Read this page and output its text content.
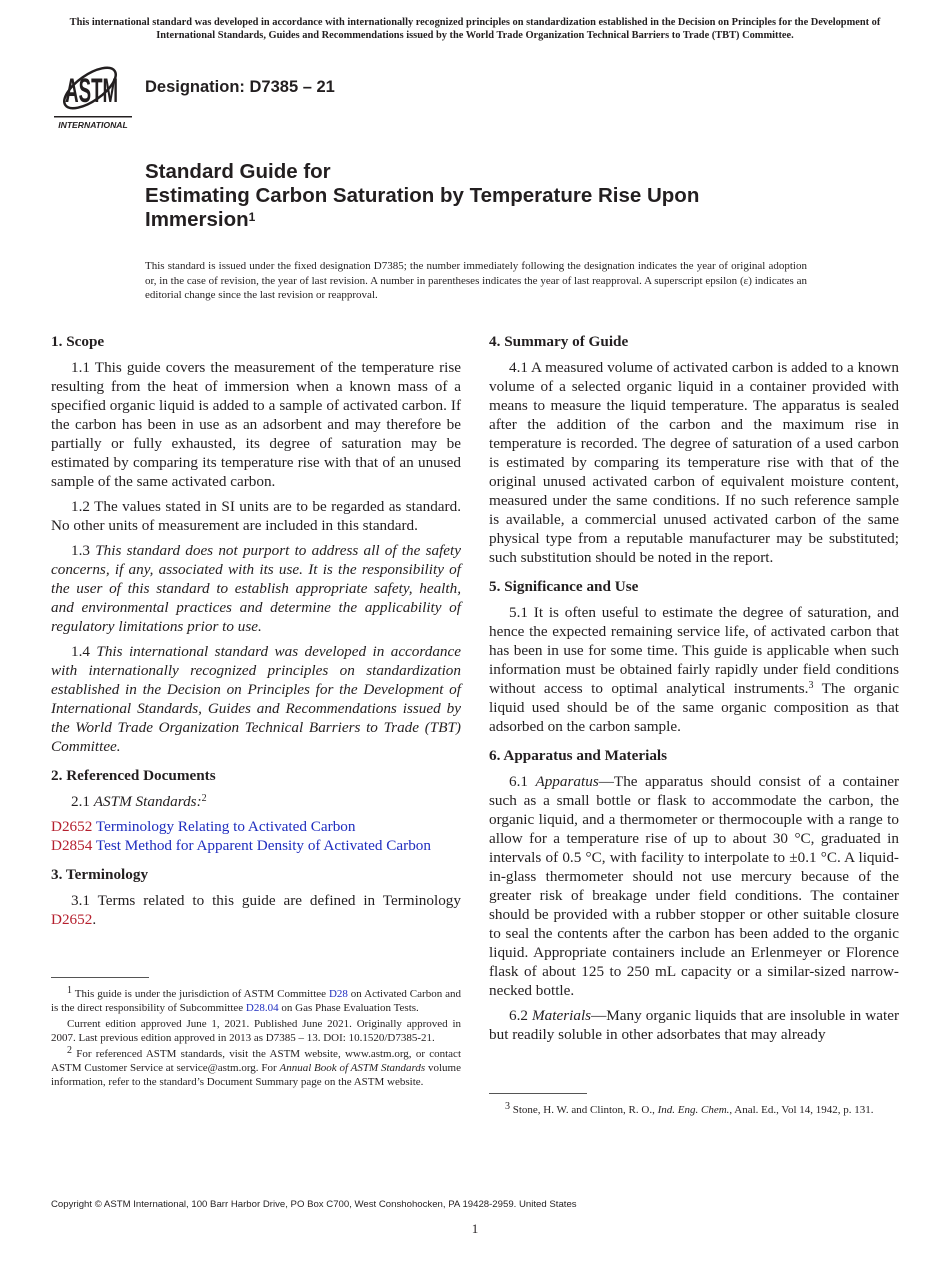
This international standard was developed in accordance with internationally recognized principles on standardization established in the Decision on Principles for the Development of International Standards, Guides and Recommendations issued by the World Trade Organization Technical Barriers to Trade (TBT) Committee.
ASTM
INTERNATIONAL
Designation: D7385 – 21
Standard Guide for
Estimating Carbon Saturation by Temperature Rise Upon Immersion$^1$
This standard is issued under the fixed designation D7385; the number immediately following the designation indicates the year of original adoption or, in the case of revision, the year of last revision. A number in parentheses indicates the year of last reapproval. A superscript epsilon (ε) indicates an editorial change since the last revision or reapproval.
1. Scope

1.1 This guide covers the measurement of the temperature rise resulting from the heat of immersion when a known mass of a specified organic liquid is added to a sample of activated carbon. If the carbon has been in use as an adsorbent and may therefore be partially or fully exhausted, its degree of saturation may be estimated by comparing its temperature rise with that of an unused sample of the same activated carbon.

1.2 The values stated in SI units are to be regarded as standard. No other units of measurement are included in this standard.

1.3 This standard does not purport to address all of the safety concerns, if any, associated with its use. It is the responsibility of the user of this standard to establish appropriate safety, health, and environmental practices and determine the applicability of regulatory limitations prior to use.

1.4 This international standard was developed in accordance with internationally recognized principles on standardization established in the Decision on Principles for the Development of International Standards, Guides and Recommendations issued by the World Trade Organization Technical Barriers to Trade (TBT) Committee.

2. Referenced Documents

2.1 ASTM Standards:$^2$

D2652 Terminology Relating to Activated Carbon

D2854 Test Method for Apparent Density of Activated Carbon

3. Terminology

3.1 Terms related to this guide are defined in Terminology D2652.

4. Summary of Guide

4.1 A measured volume of activated carbon is added to a known volume of a selected organic liquid in a container provided with means to measure the liquid temperature. The apparatus is sealed after the addition of the carbon and the maximum rise in temperature is recorded. The degree of saturation of a used carbon is estimated by comparing its temperature rise with that of the original unused activated carbon of equivalent moisture content, measured under the same conditions. If no such reference sample is available, a commercial unused activated carbon of the same physical type from a reputable manufacturer may be substituted; such substitution should be noted in the report.

5. Significance and Use

5.1 It is often useful to estimate the degree of saturation, and hence the expected remaining service life, of activated carbon that has been in use for some time. This guide is applicable when such information must be obtained fairly rapidly under field conditions without access to optimal analytical instruments.$^3$ The organic liquid used should be of the same organic composition as that adsorbed on the carbon sample.

6. Apparatus and Materials

6.1 Apparatus—The apparatus should consist of a container such as a small bottle or flask to accommodate the carbon, the organic liquid, and a thermometer or thermocouple with a range to allow for a temperature rise of up to about 30 °C, graduated in intervals of 0.5 °C, with facility to interpolate to ±0.1 °C. A liquid-in-glass thermometer should not use mercury because of the greater risk of breakage under field conditions. The container should be provided with a rubber stopper or other suitable closure to seal the contents after the carbon has been added to the organic liquid. Appropriate containers include an Erlenmeyer or Florence flask of about 125 to 250 mL capacity or a similar-sized narrow-necked bottle.

6.2 Materials—Many organic liquids that are insoluble in water but readily soluble in other adsorbates that may already

1 This guide is under the jurisdiction of ASTM Committee D28 on Activated Carbon and is the direct responsibility of Subcommittee D28.04 on Gas Phase Evaluation Tests.

Current edition approved June 1, 2021. Published June 2021. Originally approved in 2007. Last previous edition approved in 2013 as D7385 – 13. DOI: 10.1520/D7385-21.

2 For referenced ASTM standards, visit the ASTM website, www.astm.org, or contact ASTM Customer Service at service@astm.org. For Annual Book of ASTM Standards volume information, refer to the standard’s Document Summary page on the ASTM website.

3 Stone, H. W. and Clinton, R. O., Ind. Eng. Chem., Anal. Ed., Vol 14, 1942, p. 131.

Copyright © ASTM International, 100 Barr Harbor Drive, PO Box C700, West Conshohocken, PA 19428-2959. United States
1
